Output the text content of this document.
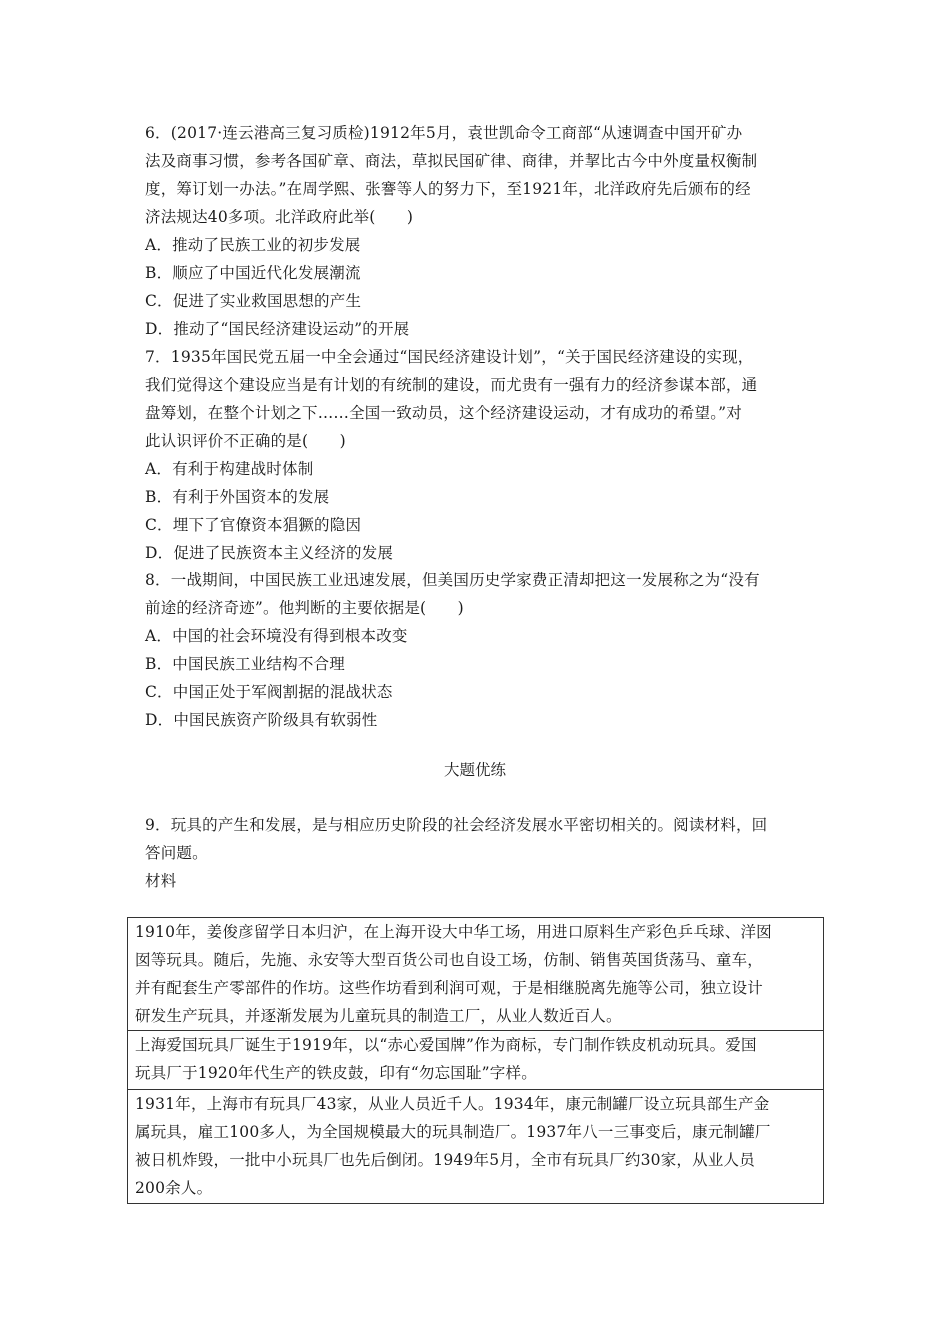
6．(2017·连云港高三复习质检)1912年5月，袁世凯命令工商部“从速调查中国开矿办
法及商事习惯，参考各国矿章、商法，草拟民国矿律、商律，并挈比古今中外度量权衡制
度，筹订划一办法。”在周学熙、张謇等人的努力下，至1921年，北洋政府先后颁布的经
济法规达40多项。北洋政府此举(　　)
A．推动了民族工业的初步发展
B．顺应了中国近代化发展潮流
C．促进了实业救国思想的产生
D．推动了“国民经济建设运动”的开展
7．1935年国民党五届一中全会通过“国民经济建设计划”，“关于国民经济建设的实现，
我们觉得这个建设应当是有计划的有统制的建设，而尤贵有一强有力的经济参谋本部，通
盘筹划，在整个计划之下……全国一致动员，这个经济建设运动，才有成功的希望。”对
此认识评价不正确的是(　　)
A．有利于构建战时体制
B．有利于外国资本的发展
C．埋下了官僚资本猖獗的隐因
D．促进了民族资本主义经济的发展
8．一战期间，中国民族工业迅速发展，但美国历史学家费正清却把这一发展称之为“没有
前途的经济奇迹”。他判断的主要依据是(　　)
A．中国的社会环境没有得到根本改变
B．中国民族工业结构不合理
C．中国正处于军阀割据的混战状态
D．中国民族资产阶级具有软弱性
大题优练
9．玩具的产生和发展，是与相应历史阶段的社会经济发展水平密切相关的。阅读材料，回
答问题。
材料
1910年，姜俊彦留学日本归沪，在上海开设大中华工场，用进口原料生产彩色乒乓球、洋囡
囡等玩具。随后，先施、永安等大型百货公司也自设工场，仿制、销售英国货荡马、童车，
并有配套生产零部件的作坊。这些作坊看到利润可观，于是相继脱离先施等公司，独立设计
研发生产玩具，并逐渐发展为儿童玩具的制造工厂，从业人数近百人。
上海爱国玩具厂诞生于1919年，以“赤心爱国牌”作为商标，专门制作铁皮机动玩具。爱国
玩具厂于1920年代生产的铁皮鼓，印有“勿忘国耻”字样。
1931年，上海市有玩具厂43家，从业人员近千人。1934年，康元制罐厂设立玩具部生产金
属玩具，雇工100多人，为全国规模最大的玩具制造厂。1937年八一三事变后，康元制罐厂
被日机炸毁，一批中小玩具厂也先后倒闭。1949年5月，全市有玩具厂约30家，从业人员
200余人。
